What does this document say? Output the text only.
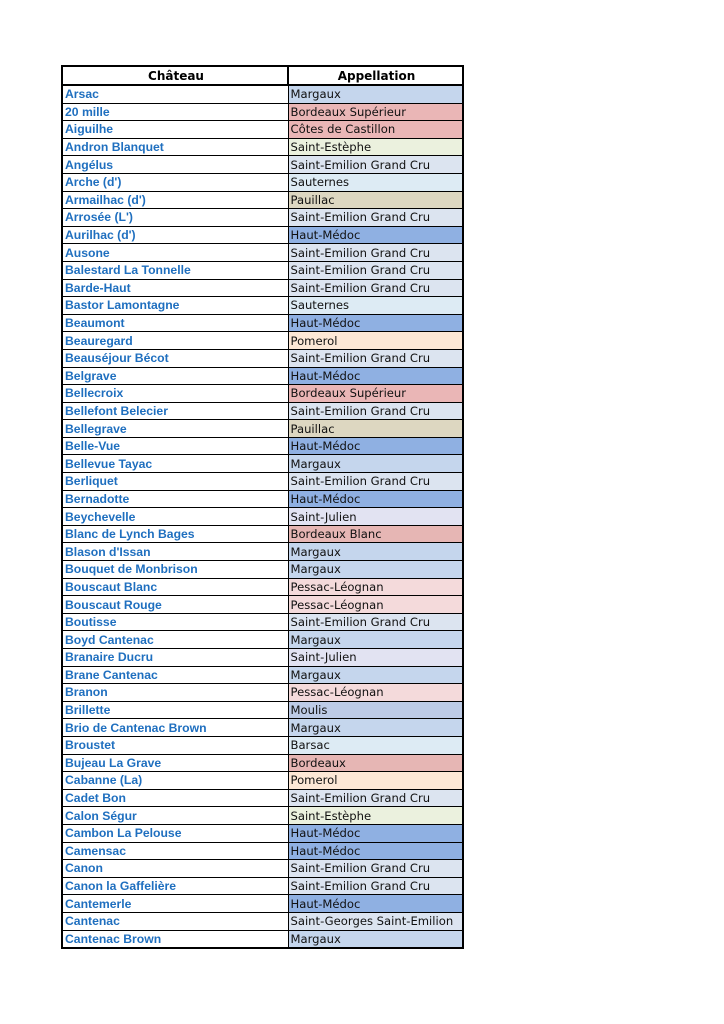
Château	Appellation
Arsac	Margaux
20 mille	Bordeaux Supérieur
Aiguilhe	Côtes de Castillon
Andron Blanquet	Saint-Estèphe
Angélus	Saint-Emilion Grand Cru
Arche (d')	Sauternes
Armailhac (d')	Pauillac
Arrosée (L')	Saint-Emilion Grand Cru
Aurilhac (d')	Haut-Médoc
Ausone	Saint-Emilion Grand Cru
Balestard La Tonnelle	Saint-Emilion Grand Cru
Barde-Haut	Saint-Emilion Grand Cru
Bastor Lamontagne	Sauternes
Beaumont	Haut-Médoc
Beauregard	Pomerol
Beauséjour Bécot	Saint-Emilion Grand Cru
Belgrave	Haut-Médoc
Bellecroix	Bordeaux Supérieur
Bellefont Belecier	Saint-Emilion Grand Cru
Bellegrave	Pauillac
Belle-Vue	Haut-Médoc
Bellevue Tayac	Margaux
Berliquet	Saint-Emilion Grand Cru
Bernadotte	Haut-Médoc
Beychevelle	Saint-Julien
Blanc de Lynch Bages	Bordeaux Blanc
Blason d'Issan	Margaux
Bouquet de Monbrison	Margaux
Bouscaut Blanc	Pessac-Léognan
Bouscaut Rouge	Pessac-Léognan
Boutisse	Saint-Emilion Grand Cru
Boyd Cantenac	Margaux
Branaire Ducru	Saint-Julien
Brane Cantenac	Margaux
Branon	Pessac-Léognan
Brillette	Moulis
Brio de Cantenac Brown	Margaux
Broustet	Barsac
Bujeau La Grave	Bordeaux
Cabanne (La)	Pomerol
Cadet Bon	Saint-Emilion Grand Cru
Calon Ségur	Saint-Estèphe
Cambon La Pelouse	Haut-Médoc
Camensac	Haut-Médoc
Canon	Saint-Emilion Grand Cru
Canon la Gaffelière	Saint-Emilion Grand Cru
Cantemerle	Haut-Médoc
Cantenac	Saint-Georges Saint-Emilion
Cantenac Brown	Margaux
